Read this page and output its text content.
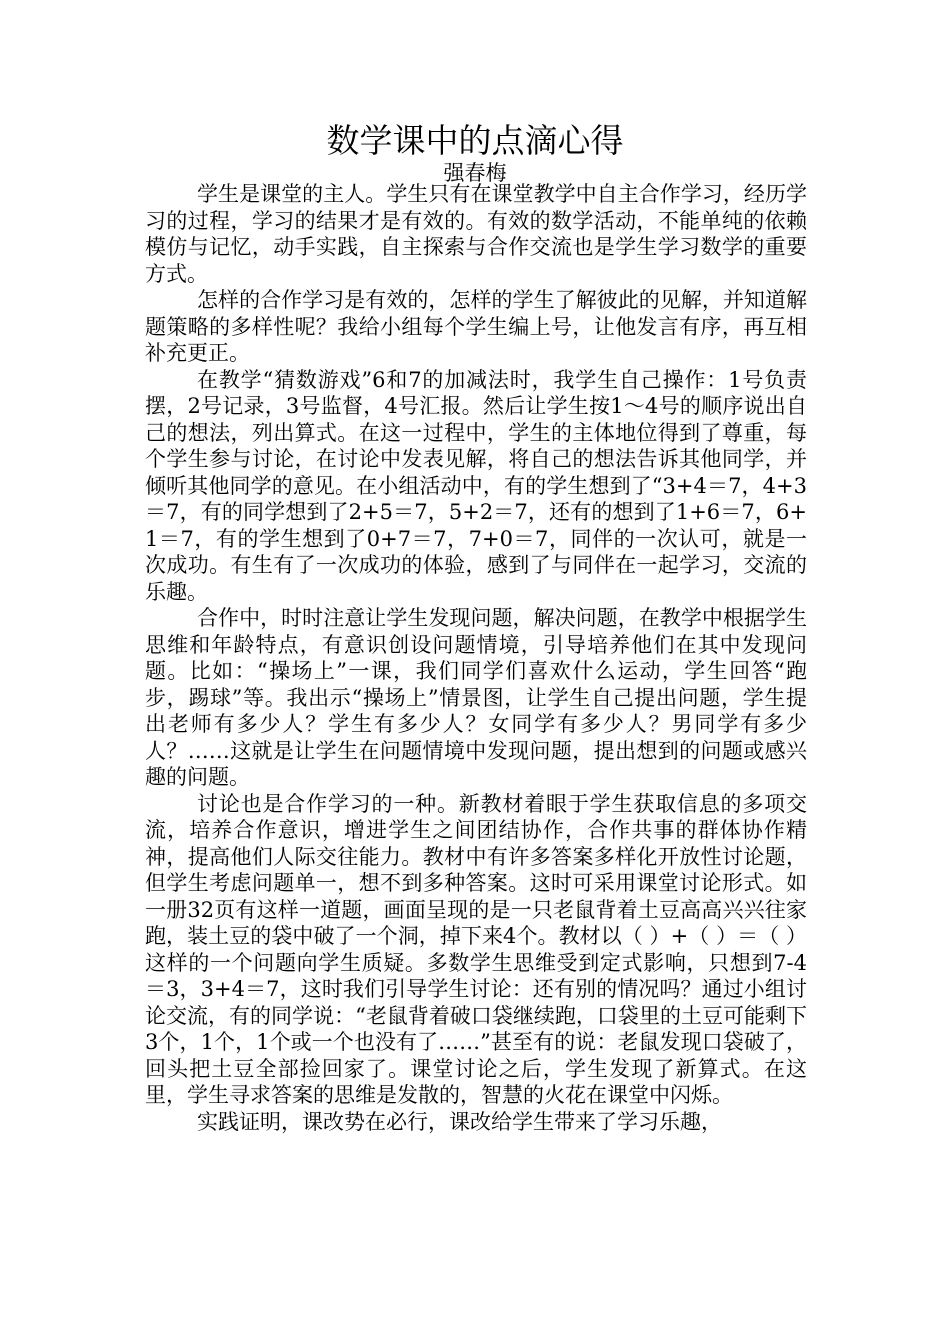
数学课中的点滴心得
强春梅

学生是课堂的主人。学生只有在课堂教学中自主合作学习，经历学习的过程，学习的结果才是有效的。有效的数学活动，不能单纯的依赖模仿与记忆，动手实践，自主探索与合作交流也是学生学习数学的重要方式。

怎样的合作学习是有效的，怎样的学生了解彼此的见解，并知道解题策略的多样性呢？我给小组每个学生编上号，让他发言有序，再互相补充更正。

在教学“猜数游戏”6和7的加减法时，我学生自己操作：1号负责摆，2号记录，3号监督，4号汇报。然后让学生按1～4号的顺序说出自己的想法，列出算式。在这一过程中，学生的主体地位得到了尊重，每个学生参与讨论，在讨论中发表见解，将自己的想法告诉其他同学，并倾听其他同学的意见。在小组活动中，有的学生想到了“3+4＝7，4+3＝7，有的同学想到了2+5＝7，5+2＝7，还有的想到了1+6＝7，6+1＝7，有的学生想到了0+7＝7，7+0＝7，同伴的一次认可，就是一次成功。有生有了一次成功的体验，感到了与同伴在一起学习，交流的乐趣。

合作中，时时注意让学生发现问题，解决问题，在教学中根据学生思维和年龄特点，有意识创设问题情境，引导培养他们在其中发现问题。比如：“操场上”一课，我们同学们喜欢什么运动，学生回答“跑步，踢球”等。我出示“操场上”情景图，让学生自己提出问题，学生提出老师有多少人？学生有多少人？女同学有多少人？男同学有多少人？……这就是让学生在问题情境中发现问题，提出想到的问题或感兴趣的问题。

讨论也是合作学习的一种。新教材着眼于学生获取信息的多项交流，培养合作意识，增进学生之间团结协作，合作共事的群体协作精神，提高他们人际交往能力。教材中有许多答案多样化开放性讨论题，但学生考虑问题单一，想不到多种答案。这时可采用课堂讨论形式。如一册32页有这样一道题，画面呈现的是一只老鼠背着土豆高高兴兴往家跑，装土豆的袋中破了一个洞，掉下来4个。教材以（ ）+（ ）＝（ ）这样的一个问题向学生质疑。多数学生思维受到定式影响，只想到7-4＝3，3+4＝7，这时我们引导学生讨论：还有别的情况吗？通过小组讨论交流，有的同学说：“老鼠背着破口袋继续跑，口袋里的土豆可能剩下3个，1个，1个或一个也没有了……”甚至有的说：老鼠发现口袋破了，回头把土豆全部捡回家了。课堂讨论之后，学生发现了新算式。在这里，学生寻求答案的思维是发散的，智慧的火花在课堂中闪烁。

实践证明，课改势在必行，课改给学生带来了学习乐趣，
